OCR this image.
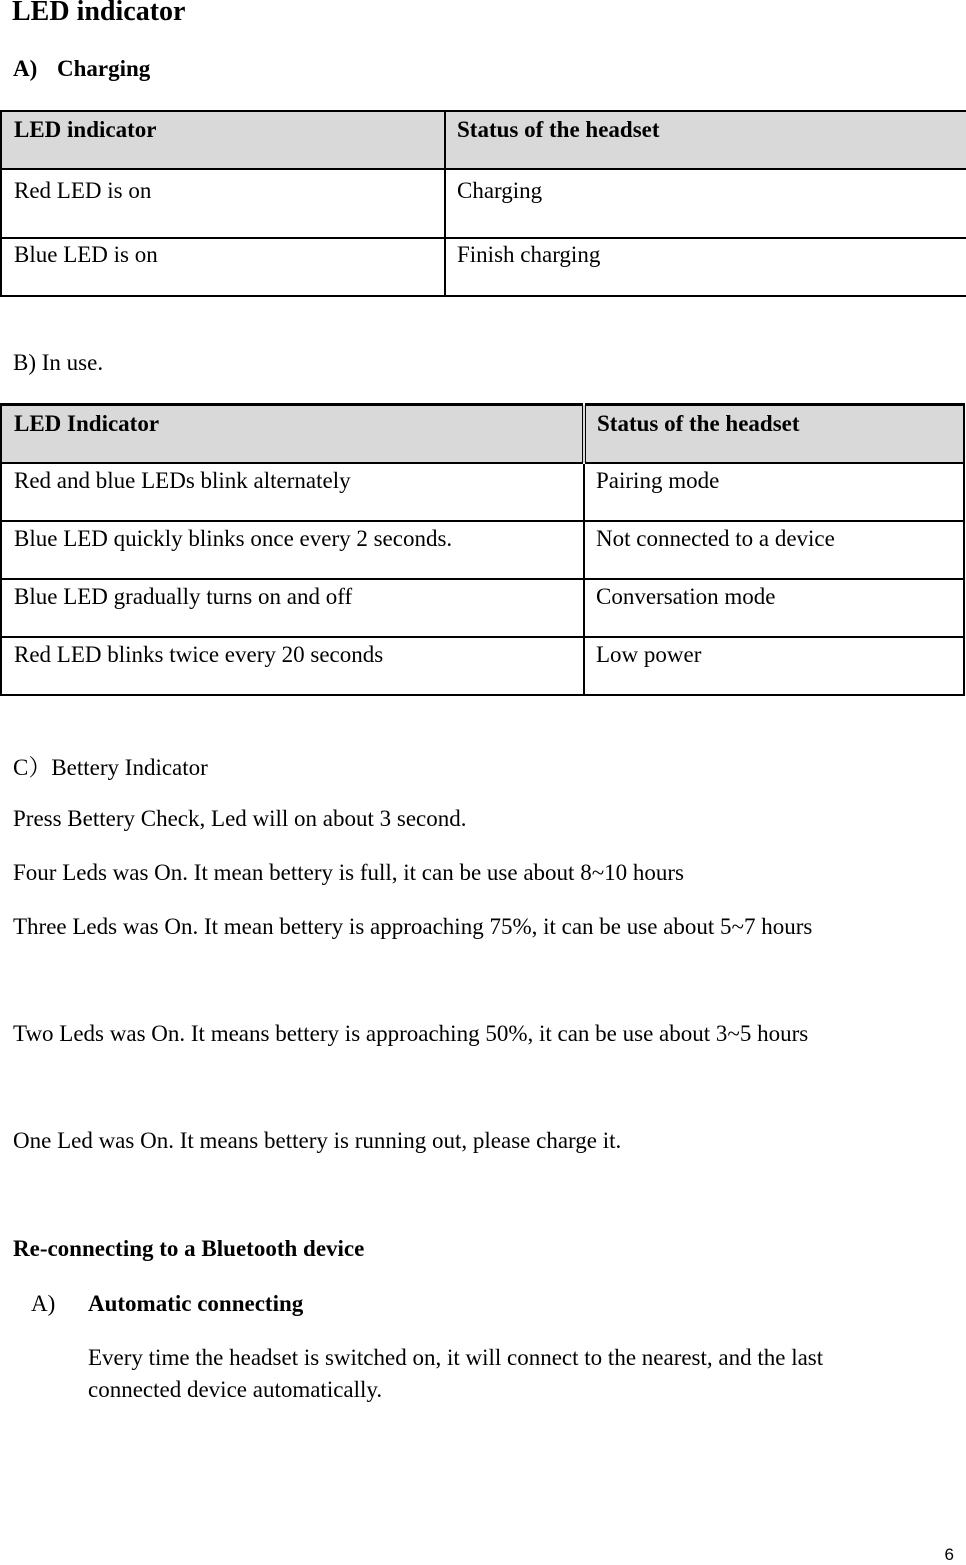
LED indicator
A) Charging
LED indicator	Status of the headset
Red LED is on	Charging
Blue LED is on	Finish charging
B) In use.
LED Indicator	Status of the headset
Red and blue LEDs blink alternately	Pairing mode
Blue LED quickly blinks once every 2 seconds.	Not connected to a device
Blue LED gradually turns on and off	Conversation mode
Red LED blinks twice every 20 seconds	Low power
C）Bettery Indicator
Press Bettery Check, Led will on about 3 second.
Four Leds was On. It mean bettery is full, it can be use about 8~10 hours
Three Leds was On. It mean bettery is approaching 75%, it can be use about 5~7 hours
Two Leds was On. It means bettery is approaching 50%, it can be use about 3~5 hours
One Led was On. It means bettery is running out, please charge it.
Re-connecting to a Bluetooth device
A) Automatic connecting
Every time the headset is switched on, it will connect to the nearest, and the last
connected device automatically.
6
